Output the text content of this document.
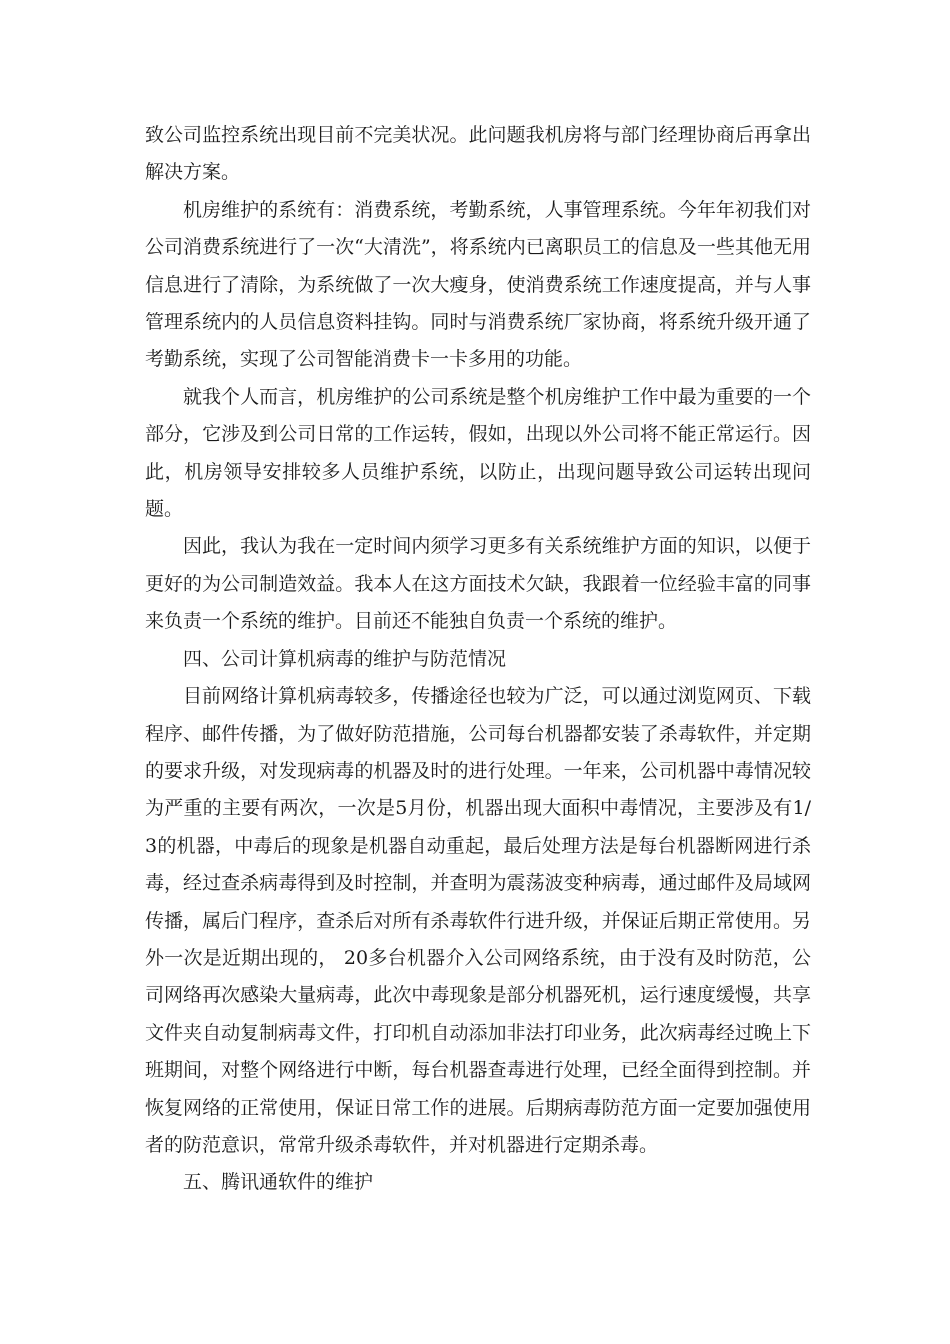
致公司监控系统出现目前不完美状况。此问题我机房将与部门经理协商后再拿出解决方案。

机房维护的系统有：消费系统，考勤系统，人事管理系统。今年年初我们对公司消费系统进行了一次“大清洗”，将系统内已离职员工的信息及一些其他无用信息进行了清除，为系统做了一次大瘦身，使消费系统工作速度提高，并与人事管理系统内的人员信息资料挂钩。同时与消费系统厂家协商，将系统升级开通了考勤系统，实现了公司智能消费卡一卡多用的功能。

就我个人而言，机房维护的公司系统是整个机房维护工作中最为重要的一个部分，它涉及到公司日常的工作运转，假如，出现以外公司将不能正常运行。因此，机房领导安排较多人员维护系统，以防止，出现问题导致公司运转出现问题。

因此，我认为我在一定时间内须学习更多有关系统维护方面的知识，以便于更好的为公司制造效益。我本人在这方面技术欠缺，我跟着一位经验丰富的同事来负责一个系统的维护。目前还不能独自负责一个系统的维护。

四、公司计算机病毒的维护与防范情况

目前网络计算机病毒较多，传播途径也较为广泛，可以通过浏览网页、下载程序、邮件传播，为了做好防范措施，公司每台机器都安装了杀毒软件，并定期的要求升级，对发现病毒的机器及时的进行处理。一年来，公司机器中毒情况较为严重的主要有两次，一次是5月份，机器出现大面积中毒情况，主要涉及有1/3的机器，中毒后的现象是机器自动重起，最后处理方法是每台机器断网进行杀毒，经过查杀病毒得到及时控制，并查明为震荡波变种病毒，通过邮件及局域网传播，属后门程序，查杀后对所有杀毒软件行进升级，并保证后期正常使用。另外一次是近期出现的， 20多台机器介入公司网络系统，由于没有及时防范，公司网络再次感染大量病毒，此次中毒现象是部分机器死机，运行速度缓慢，共享文件夹自动复制病毒文件，打印机自动添加非法打印业务，此次病毒经过晚上下班期间，对整个网络进行中断，每台机器查毒进行处理，已经全面得到控制。并恢复网络的正常使用，保证日常工作的进展。后期病毒防范方面一定要加强使用者的防范意识，常常升级杀毒软件，并对机器进行定期杀毒。

五、腾讯通软件的维护
